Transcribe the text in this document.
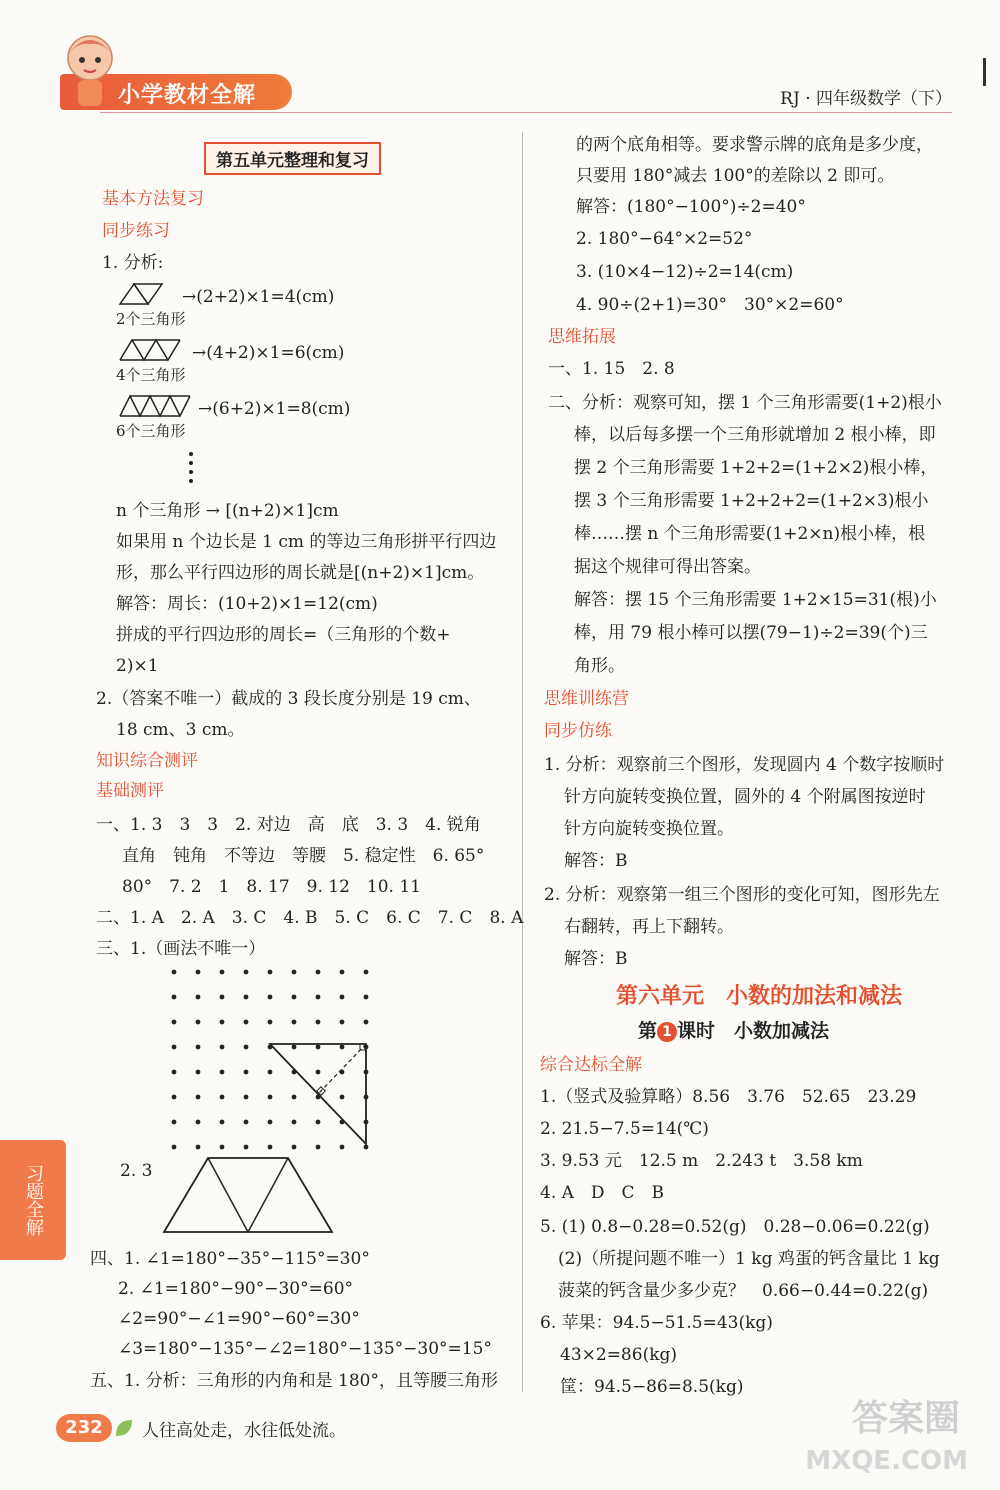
小学教材全解	RJ · 四年级数学（下）
第五单元整理和复习
基本方法复习
同步练习
1. 分析:
→(2+2)×1=4(cm)
2个三角形
→(4+2)×1=6(cm)
4个三角形
→(6+2)×1=8(cm)
6个三角形
n 个三角形 → [(n+2)×1]cm
如果用 n 个边长是 1 cm 的等边三角形拼平行四边
形，那么平行四边形的周长就是[(n+2)×1]cm。
解答：周长：(10+2)×1=12(cm)
拼成的平行四边形的周长=（三角形的个数+
2)×1
2.（答案不唯一）截成的 3 段长度分别是 19 cm、
18 cm、3 cm。
知识综合测评
基础测评
一、1. 3　3　3　2. 对边　高　底　3. 3　4. 锐角
直角　钝角　不等边　等腰　5. 稳定性　6. 65°
80°　7. 2　1　8. 17　9. 12　10. 11
二、1. A　2. A　3. C　4. B　5. C　6. C　7. C　8. A
三、1.（画法不唯一）
2. 3
四、1. ∠1=180°−35°−115°=30°
2. ∠1=180°−90°−30°=60°
∠2=90°−∠1=90°−60°=30°
∠3=180°−135°−∠2=180°−135°−30°=15°
五、1. 分析：三角形的内角和是 180°，且等腰三角形
的两个底角相等。要求警示牌的底角是多少度，
只要用 180°减去 100°的差除以 2 即可。
解答：(180°−100°)÷2=40°
2. 180°−64°×2=52°
3. (10×4−12)÷2=14(cm)
4. 90÷(2+1)=30°　30°×2=60°
思维拓展
一、1. 15　2. 8
二、分析：观察可知，摆 1 个三角形需要(1+2)根小
棒，以后每多摆一个三角形就增加 2 根小棒，即
摆 2 个三角形需要 1+2+2=(1+2×2)根小棒，
摆 3 个三角形需要 1+2+2+2=(1+2×3)根小
棒……摆 n 个三角形需要(1+2×n)根小棒，根
据这个规律可得出答案。
解答：摆 15 个三角形需要 1+2×15=31(根)小
棒，用 79 根小棒可以摆(79−1)÷2=39(个)三
角形。
思维训练营
同步仿练
1. 分析：观察前三个图形，发现圆内 4 个数字按顺时
针方向旋转变换位置，圆外的 4 个附属图按逆时
针方向旋转变换位置。
解答：B
2. 分析：观察第一组三个图形的变化可知，图形先左
右翻转，再上下翻转。
解答：B
第六单元　小数的加法和减法
第 1 课时　小数加减法
综合达标全解
1.（竖式及验算略）8.56　3.76　52.65　23.29
2. 21.5−7.5=14(℃)
3. 9.53 元　12.5 m　2.243 t　3.58 km
4. A　D　C　B
5. (1) 0.8−0.28=0.52(g)　0.28−0.06=0.22(g)
(2)（所提问题不唯一）1 kg 鸡蛋的钙含量比 1 kg
菠菜的钙含量少多少克？　0.66−0.44=0.22(g)
6. 苹果：94.5−51.5=43(kg)
43×2=86(kg)
筐：94.5−86=8.5(kg)
习题全解
232	人往高处走，水往低处流。	答案圈
MXQE.COM
